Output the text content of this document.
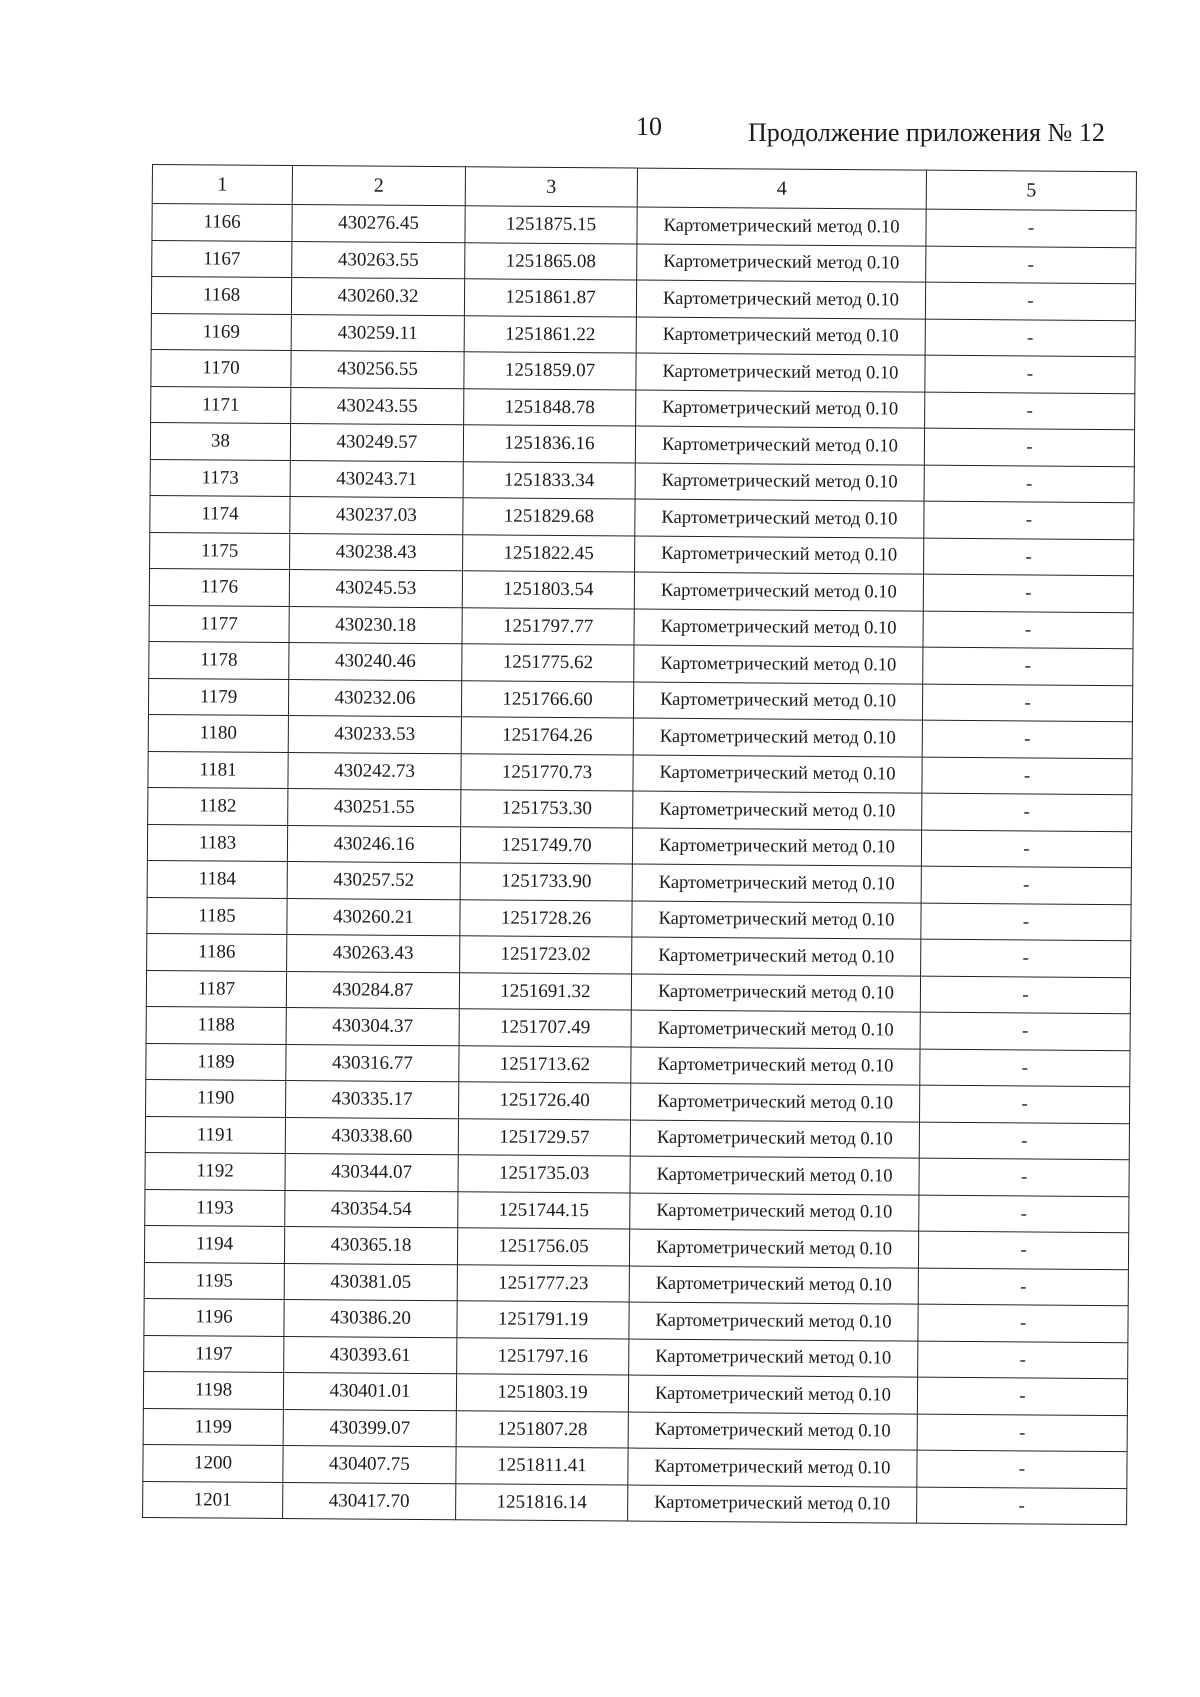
10	Продолжение приложения № 12
1	2	3	4	5
1166	430276.45	1251875.15	Картометрический метод 0.10	-
1167	430263.55	1251865.08	Картометрический метод 0.10	-
1168	430260.32	1251861.87	Картометрический метод 0.10	-
1169	430259.11	1251861.22	Картометрический метод 0.10	-
1170	430256.55	1251859.07	Картометрический метод 0.10	-
1171	430243.55	1251848.78	Картометрический метод 0.10	-
38	430249.57	1251836.16	Картометрический метод 0.10	-
1173	430243.71	1251833.34	Картометрический метод 0.10	-
1174	430237.03	1251829.68	Картометрический метод 0.10	-
1175	430238.43	1251822.45	Картометрический метод 0.10	-
1176	430245.53	1251803.54	Картометрический метод 0.10	-
1177	430230.18	1251797.77	Картометрический метод 0.10	-
1178	430240.46	1251775.62	Картометрический метод 0.10	-
1179	430232.06	1251766.60	Картометрический метод 0.10	-
1180	430233.53	1251764.26	Картометрический метод 0.10	-
1181	430242.73	1251770.73	Картометрический метод 0.10	-
1182	430251.55	1251753.30	Картометрический метод 0.10	-
1183	430246.16	1251749.70	Картометрический метод 0.10	-
1184	430257.52	1251733.90	Картометрический метод 0.10	-
1185	430260.21	1251728.26	Картометрический метод 0.10	-
1186	430263.43	1251723.02	Картометрический метод 0.10	-
1187	430284.87	1251691.32	Картометрический метод 0.10	-
1188	430304.37	1251707.49	Картометрический метод 0.10	-
1189	430316.77	1251713.62	Картометрический метод 0.10	-
1190	430335.17	1251726.40	Картометрический метод 0.10	-
1191	430338.60	1251729.57	Картометрический метод 0.10	-
1192	430344.07	1251735.03	Картометрический метод 0.10	-
1193	430354.54	1251744.15	Картометрический метод 0.10	-
1194	430365.18	1251756.05	Картометрический метод 0.10	-
1195	430381.05	1251777.23	Картометрический метод 0.10	-
1196	430386.20	1251791.19	Картометрический метод 0.10	-
1197	430393.61	1251797.16	Картометрический метод 0.10	-
1198	430401.01	1251803.19	Картометрический метод 0.10	-
1199	430399.07	1251807.28	Картометрический метод 0.10	-
1200	430407.75	1251811.41	Картометрический метод 0.10	-
1201	430417.70	1251816.14	Картометрический метод 0.10	-
